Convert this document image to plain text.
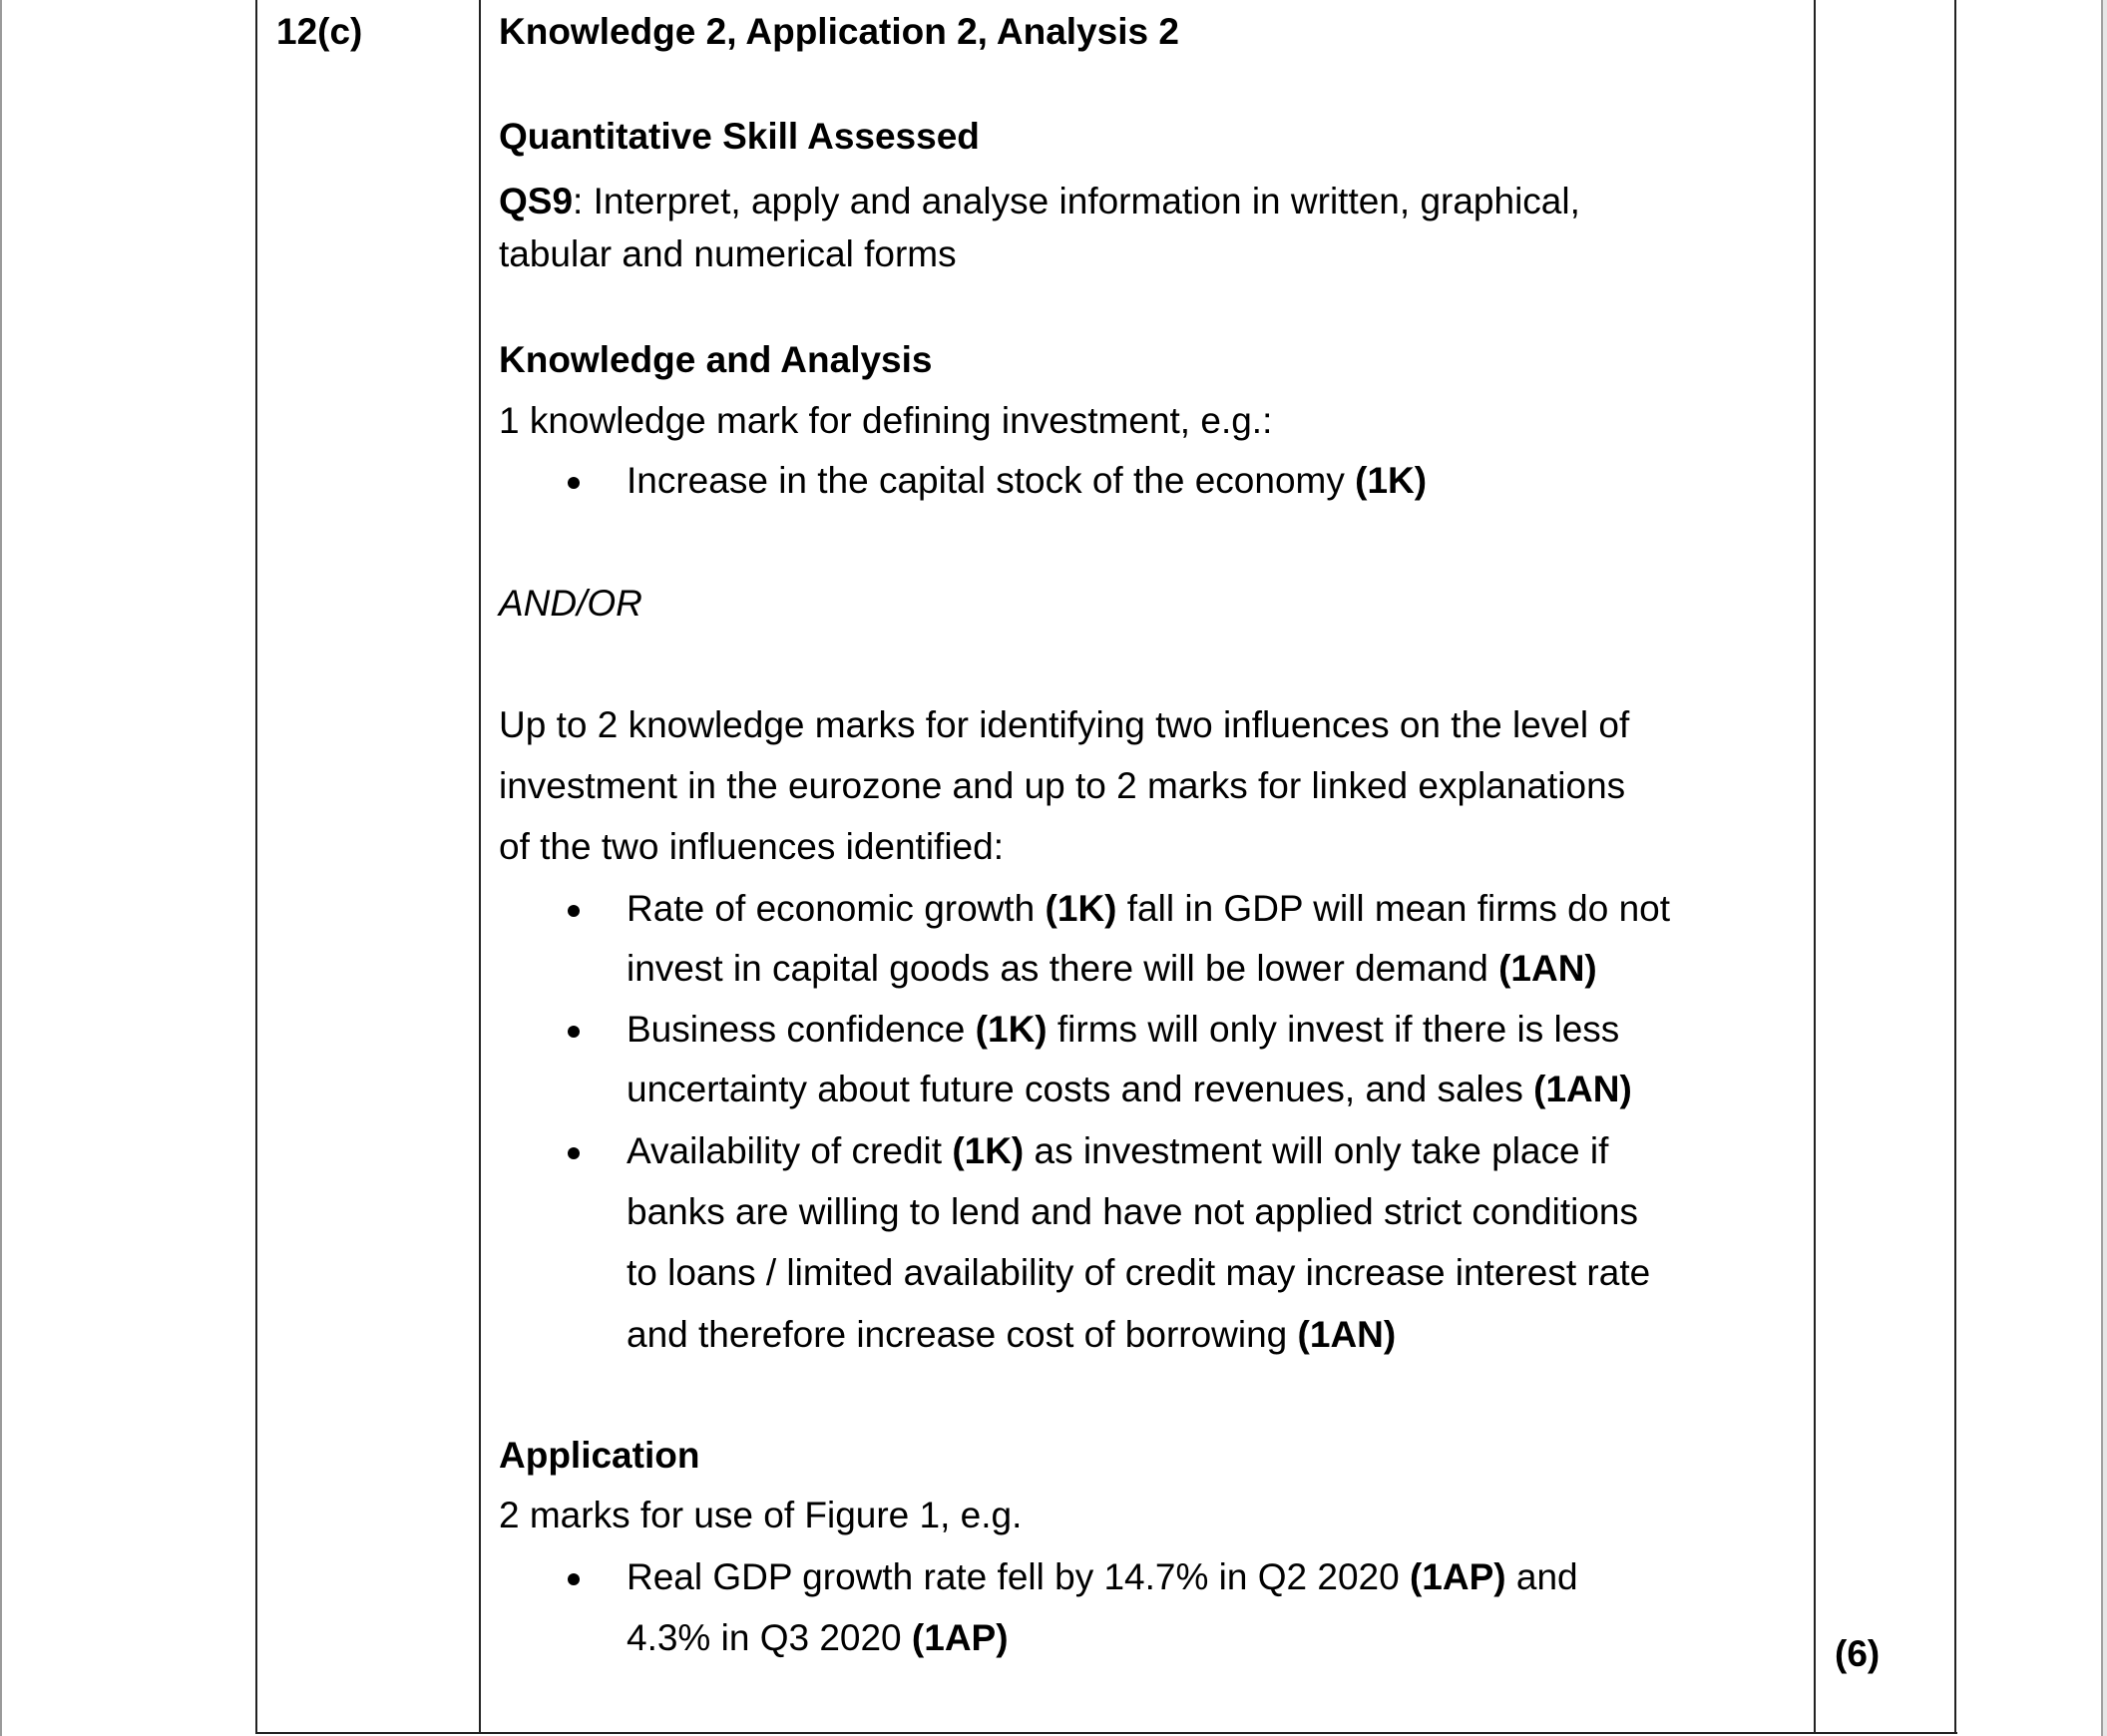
12(c)	Knowledge 2, Application 2, Analysis 2
Quantitative Skill Assessed
QS9: Interpret, apply and analyse information in written, graphical,
tabular and numerical forms
Knowledge and Analysis
1 knowledge mark for defining investment, e.g.:
Increase in the capital stock of the economy (1K)
AND/OR
Up to 2 knowledge marks for identifying two influences on the level of
investment in the eurozone and up to 2 marks for linked explanations
of the two influences identified:
Rate of economic growth (1K) fall in GDP will mean firms do not
invest in capital goods as there will be lower demand (1AN)
Business confidence (1K) firms will only invest if there is less
uncertainty about future costs and revenues, and sales (1AN)
Availability of credit (1K) as investment will only take place if
banks are willing to lend and have not applied strict conditions
to loans / limited availability of credit may increase interest rate
and therefore increase cost of borrowing (1AN)
Application
2 marks for use of Figure 1, e.g.
Real GDP growth rate fell by 14.7% in Q2 2020 (1AP) and
4.3% in Q3 2020 (1AP)	(6)
